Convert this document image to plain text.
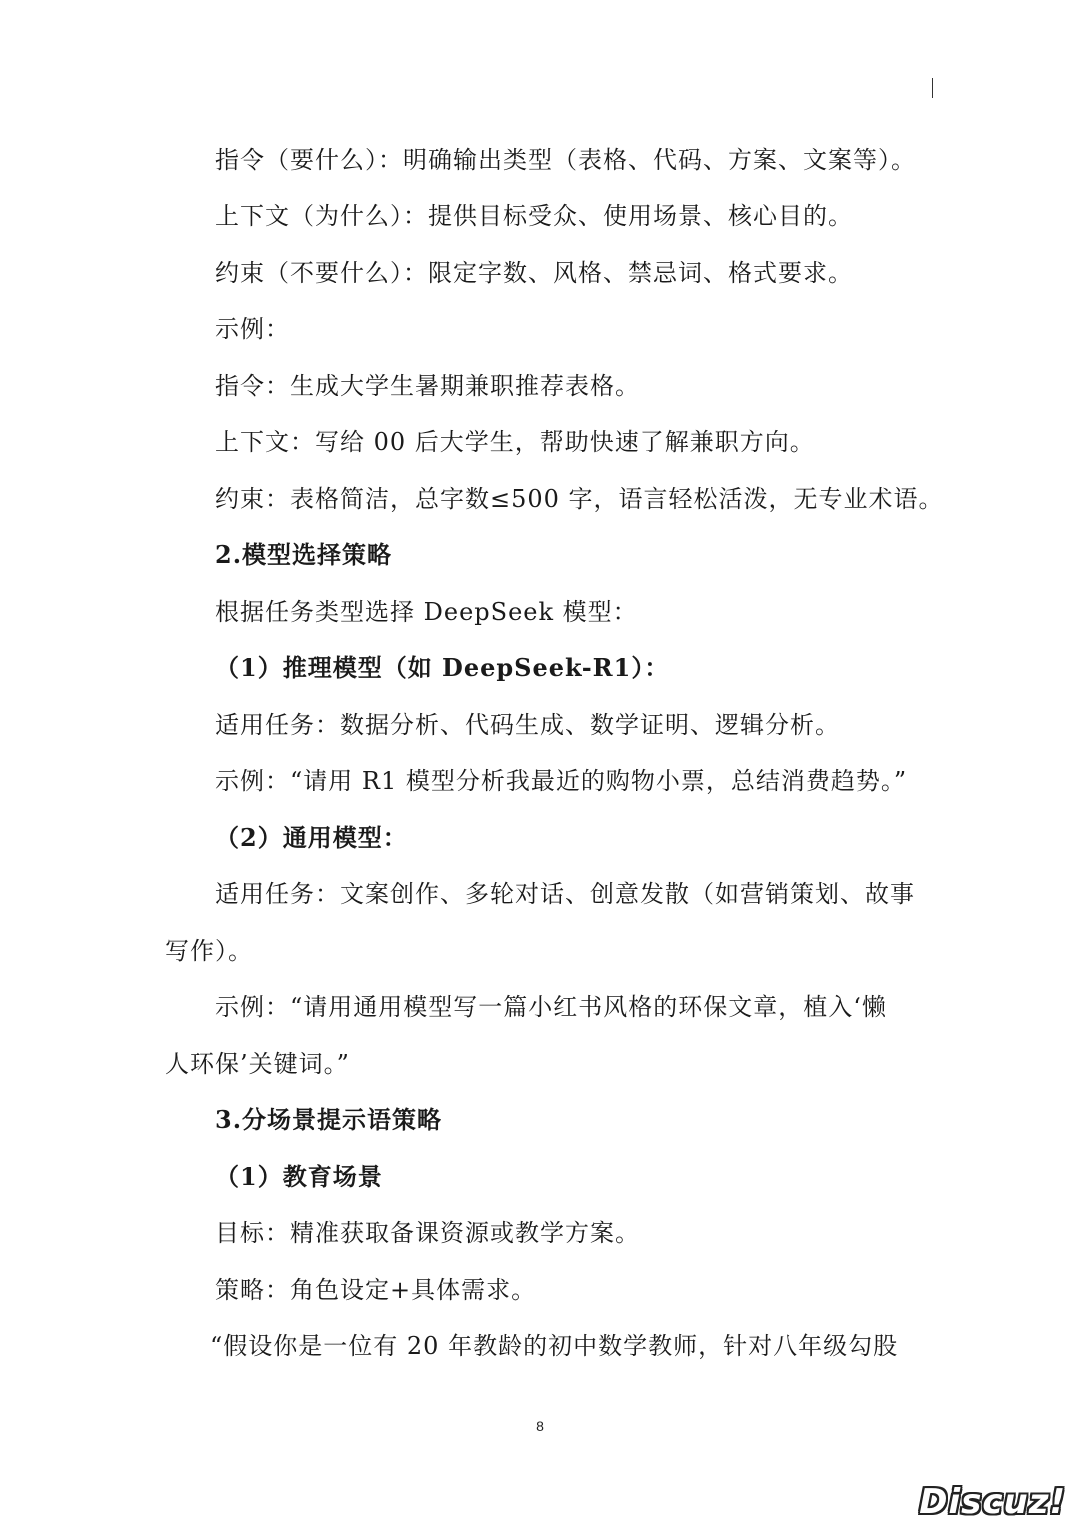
指令（要什么）：明确输出类型（表格、代码、方案、文案等）。
上下文（为什么）：提供目标受众、使用场景、核心目的。
约束（不要什么）：限定字数、风格、禁忌词、格式要求。
示例：
指令：生成大学生暑期兼职推荐表格。
上下文：写给 00 后大学生，帮助快速了解兼职方向。
约束：表格简洁，总字数≤500 字，语言轻松活泼，无专业术语。
2.模型选择策略
根据任务类型选择 DeepSeek 模型：
（1）推理模型（如 DeepSeek-R1）：
适用任务：数据分析、代码生成、数学证明、逻辑分析。
示例：“请用 R1 模型分析我最近的购物小票，总结消费趋势。”
（2）通用模型：
适用任务：文案创作、多轮对话、创意发散（如营销策划、故事
写作）。
示例：“请用通用模型写一篇小红书风格的环保文章，植入‘懒
人环保’关键词。”
3.分场景提示语策略
（1）教育场景
目标：精准获取备课资源或教学方案。
策略：角色设定+具体需求。
“假设你是一位有 20 年教龄的初中数学教师，针对八年级勾股
8
Discuz!
